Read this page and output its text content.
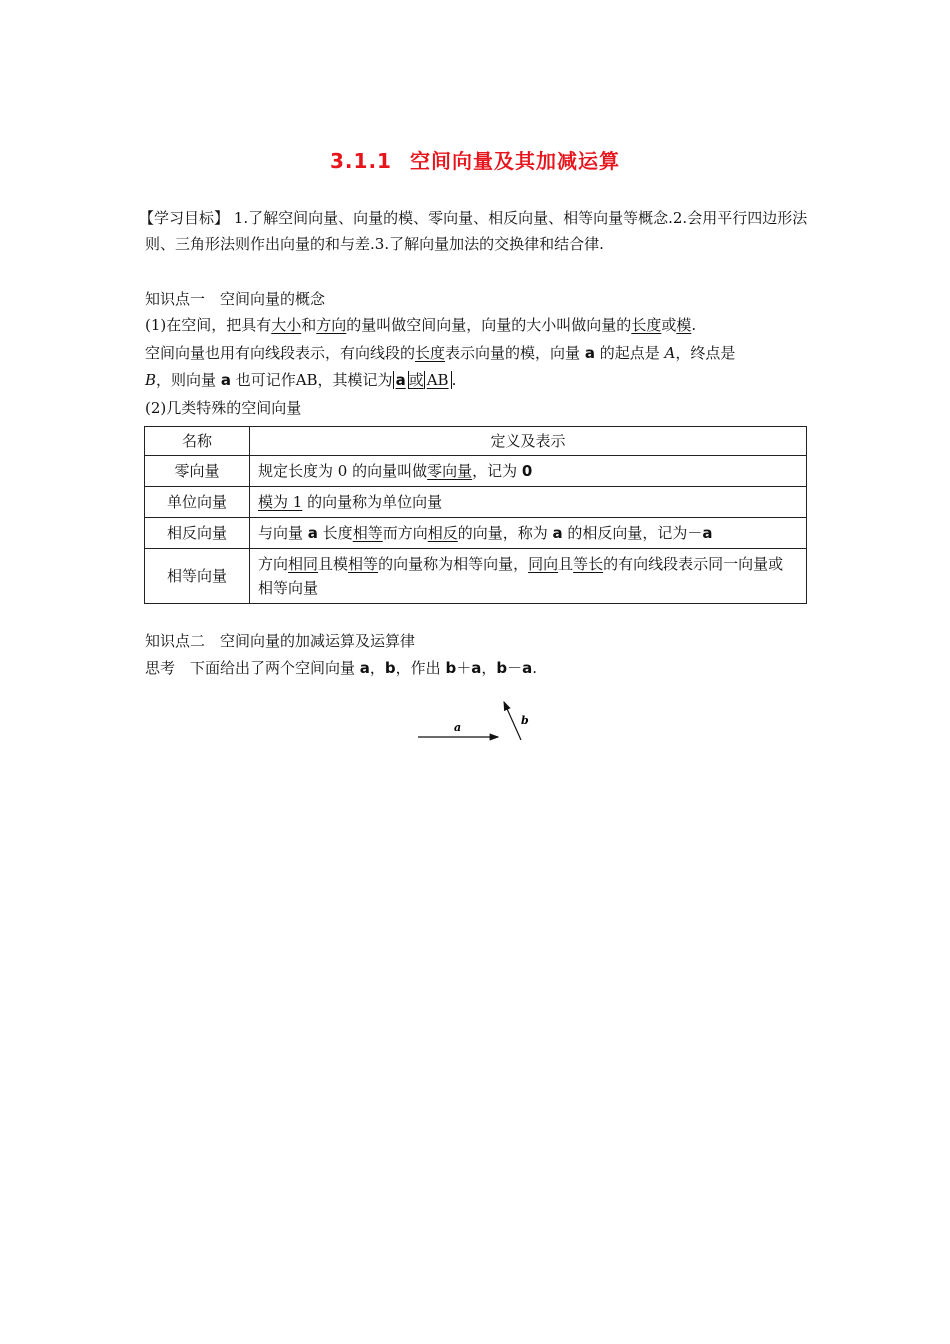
3.1.1 空间向量及其加减运算
【学习目标】 1.了解空间向量、向量的模、零向量、相反向量、相等向量等概念.2.会用平行四边形法则、三角形法则作出向量的和与差.3.了解向量加法的交换律和结合律.
知识点一　空间向量的概念
(1)在空间，把具有大小和方向的量叫做空间向量，向量的大小叫做向量的长度或模.
空间向量也用有向线段表示，有向线段的长度表示向量的模，向量 a 的起点是 A，终点是
B，则向量 a 也可记作AB，其模记为 a 或 AB .
(2)几类特殊的空间向量
名称	定义及表示
零向量	规定长度为 0 的向量叫做零向量，记为 0
单位向量	模为 1 的向量称为单位向量
相反向量	与向量 a 长度相等而方向相反的向量，称为 a 的相反向量，记为－a
相等向量	方向相同且模相等的向量称为相等向量，同向且等长的有向线段表示同一向量或相等向量
知识点二　空间向量的加减运算及运算律
思考　下面给出了两个空间向量 a，b，作出 b＋a，b－a.
a
b
